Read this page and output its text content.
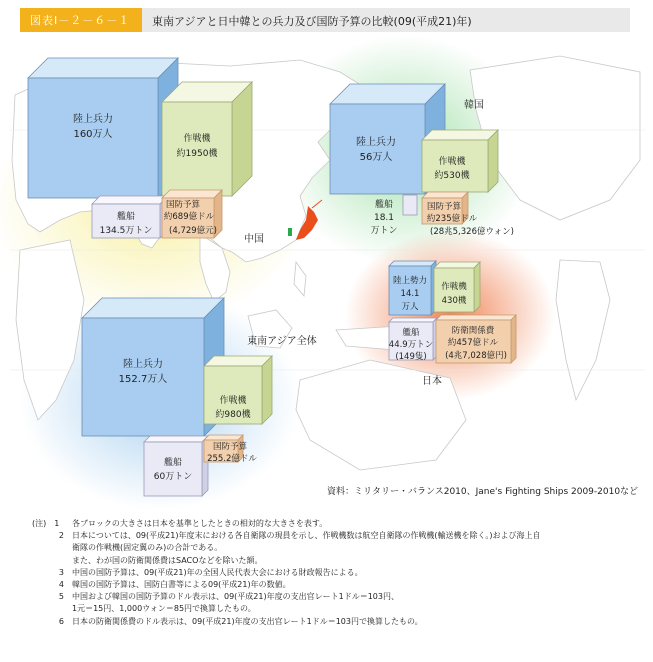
図表Ⅰ－２－６－１ 東南アジアと日中韓との兵力及び国防予算の比較(09(平成21)年)
陸上兵力
160万人	作戦機
約1950機
艦船
134.5万トン
国防予算
約689億ドル
(4,729億元)
中国
韓国
陸上兵力
56万人	作戦機
約530機
艦船
18.1
万トン
国防予算
約235億ドル
(28兆5,326億ウォン)
陸上勢力
14.1
万人
作戦機
430機
艦船
44.9万トン
(149隻)
防衛関係費
約457億ドル
(4兆7,028億円)
日本
東南アジア全体
陸上兵力
152.7万人
作戦機
約980機
艦船
60万トン
国防予算
255.2億ドル
資料：ミリタリー・バランス2010、Jane's Fighting Ships 2009-2010など
(注)　1	各ブロックの大きさは日本を基準としたときの相対的な大きさを表す。
2	日本については、09(平成21)年度末における各自衛隊の現員を示し、作戦機数は航空自衛隊の作戦機(輸送機を除く。)および海上自
衛隊の作戦機(固定翼のみ)の合計である。
また、わが国の防衛関係費はSACOなどを除いた額。
3	中国の国防予算は、09(平成21)年の全国人民代表大会における財政報告による。
4	韓国の国防予算は、国防白書等による09(平成21)年の数値。
5	中国および韓国の国防予算のドル表示は、09(平成21)年度の支出官レート1ドル＝103円、
1元＝15円、1,000ウォン＝85円で換算したもの。
6	日本の防衛関係費のドル表示は、09(平成21)年度の支出官レート1ドル＝103円で換算したもの。
